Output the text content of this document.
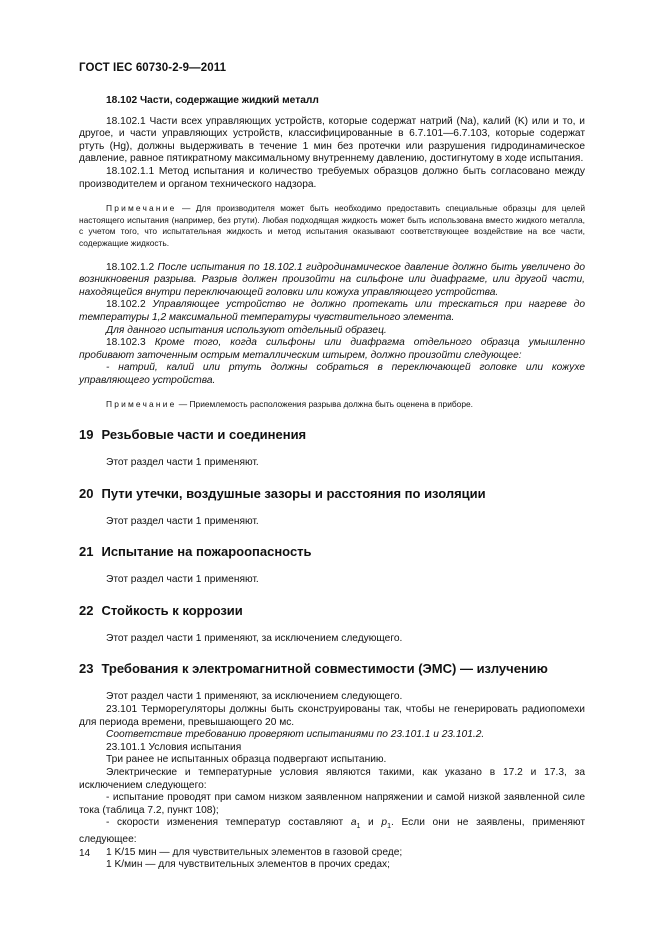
ГОСТ IEC 60730-2-9—2011
18.102 Части, содержащие жидкий металл

18.102.1 Части всех управляющих устройств, которые содержат натрий (Na), калий (K) или и то, и другое, и части управляющих устройств, классифицированные в 6.7.101—6.7.103, которые содержат ртуть (Hg), должны выдерживать в течение 1 мин без протечки или разрушения гидродинамическое давление, равное пятикратному максимальному внутреннему давлению, достигнутому в ходе испытания.

18.102.1.1 Метод испытания и количество требуемых образцов должно быть согласовано между производителем и органом технического надзора.

Примечание — Для производителя может быть необходимо предоставить специальные образцы для целей настоящего испытания (например, без ртути). Любая подходящая жидкость может быть использована вместо жидкого металла, с учетом того, что испытательная жидкость и метод испытания оказывают соответствующее воздействие на все части, содержащие жидкость.

18.102.1.2 После испытания по 18.102.1 гидродинамическое давление должно быть увеличено до возникновения разрыва. Разрыв должен произойти на сильфоне или диафрагме, или другой части, находящейся внутри переключающей головки или кожуха управляющего устройства.

18.102.2 Управляющее устройство не должно протекать или трескаться при нагреве до температуры 1,2 максимальной температуры чувствительного элемента.

Для данного испытания используют отдельный образец.

18.102.3 Кроме того, когда сильфоны или диафрагма отдельного образца умышленно пробивают заточенным острым металлическим штырем, должно произойти следующее:

- натрий, калий или ртуть должны собраться в переключающей головке или кожухе управляющего устройства.

Примечание — Приемлемость расположения разрыва должна быть оценена в приборе.

19 Резьбовые части и соединения

Этот раздел части 1 применяют.

20 Пути утечки, воздушные зазоры и расстояния по изоляции

Этот раздел части 1 применяют.

21 Испытание на пожароопасность

Этот раздел части 1 применяют.

22 Стойкость к коррозии

Этот раздел части 1 применяют, за исключением следующего.

23 Требования к электромагнитной совместимости (ЭМС) — излучению

Этот раздел части 1 применяют, за исключением следующего.

23.101 Терморегуляторы должны быть сконструированы так, чтобы не генерировать радиопомехи для периода времени, превышающего 20 мс.

Соответствие требованию проверяют испытаниями по 23.101.1 и 23.101.2.

23.101.1 Условия испытания

Три ранее не испытанных образца подвергают испытанию.

Электрические и температурные условия являются такими, как указано в 17.2 и 17.3, за исключением следующего:

- испытание проводят при самом низком заявленном напряжении и самой низкой заявленной силе тока (таблица 7.2, пункт 108);

- скорости изменения температур составляют $a_1$ и $p_1$. Если они не заявлены, применяют следующее:

1 K/15 мин — для чувствительных элементов в газовой среде;

1 K/мин — для чувствительных элементов в прочих средах;

14
